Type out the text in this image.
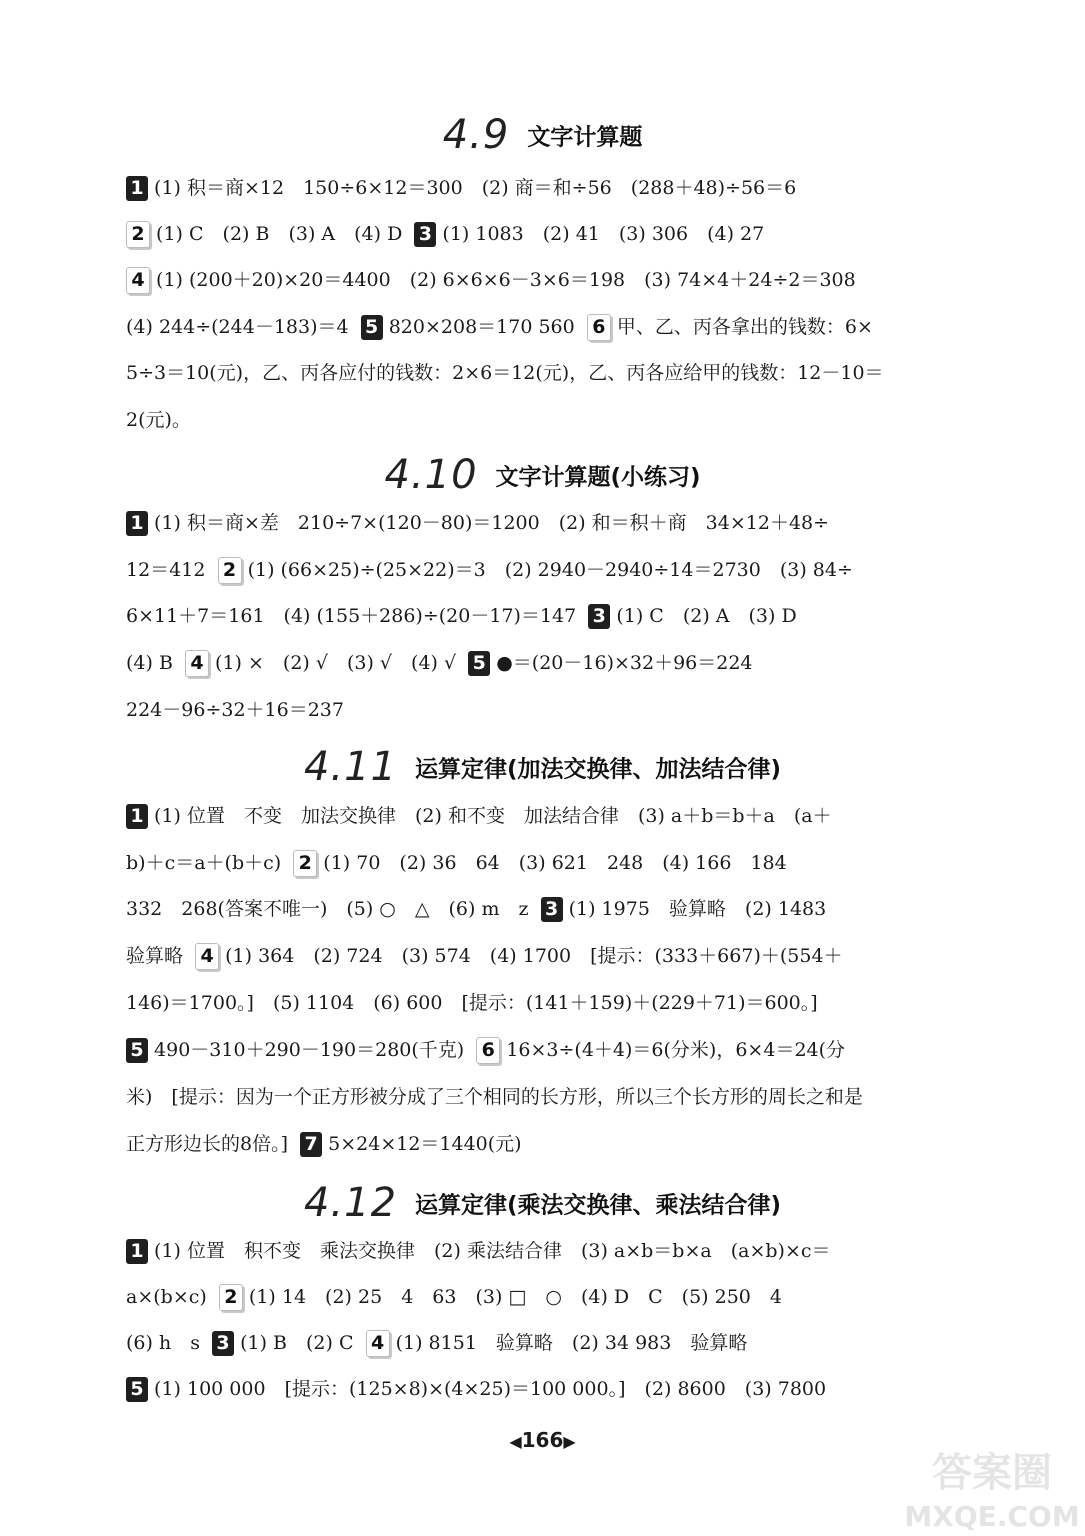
4.9 文字计算题
1 (1) 积＝商×12　150÷6×12＝300　(2) 商＝和÷56　(288＋48)÷56＝6
2 (1) C　(2) B　(3) A　(4) D  3 (1) 1083　(2) 41　(3) 306　(4) 27
4 (1) (200＋20)×20＝4400　(2) 6×6×6－3×6＝198　(3) 74×4＋24÷2＝308
(4) 244÷(244－183)＝4  5 820×208＝170 560  6 甲、乙、丙各拿出的钱数：6×
5÷3＝10(元)，乙、丙各应付的钱数：2×6＝12(元)，乙、丙各应给甲的钱数：12－10＝
2(元)。
4.10 文字计算题(小练习)
1 (1) 积＝商×差　210÷7×(120－80)＝1200　(2) 和＝积＋商　34×12＋48÷
12＝412  2 (1) (66×25)÷(25×22)＝3　(2) 2940－2940÷14＝2730　(3) 84÷
6×11＋7＝161　(4) (155＋286)÷(20－17)＝147  3 (1) C　(2) A　(3) D
(4) B  4 (1) ×　(2) √　(3) √　(4) √  5 ●＝(20－16)×32＋96＝224
224－96÷32＋16＝237
4.11 运算定律(加法交换律、加法结合律)
1 (1) 位置　不变　加法交换律　(2) 和不变　加法结合律　(3) a＋b＝b＋a　(a＋
b)＋c＝a＋(b＋c)  2 (1) 70　(2) 36　64　(3) 621　248　(4) 166　184
332　268(答案不唯一)　(5) ○　△　(6) m　z  3 (1) 1975　验算略　(2) 1483
验算略  4 (1) 364　(2) 724　(3) 574　(4) 1700　[提示：(333＋667)＋(554＋
146)＝1700。]　(5) 1104　(6) 600　[提示：(141＋159)＋(229＋71)＝600。]
5 490－310＋290－190＝280(千克)  6 16×3÷(4＋4)＝6(分米)，6×4＝24(分
米)　[提示：因为一个正方形被分成了三个相同的长方形，所以三个长方形的周长之和是
正方形边长的8倍。]  7 5×24×12＝1440(元)
4.12 运算定律(乘法交换律、乘法结合律)
1 (1) 位置　积不变　乘法交换律　(2) 乘法结合律　(3) a×b＝b×a　(a×b)×c＝
a×(b×c)  2 (1) 14　(2) 25　4　63　(3) □　○　(4) D　C　(5) 250　4
(6) h　s  3 (1) B　(2) C  4 (1) 8151　验算略　(2) 34 983　验算略
5 (1) 100 000　[提示：(125×8)×(4×25)＝100 000。]　(2) 8600　(3) 7800
◀166▶
答案圈
MXQE.COM
